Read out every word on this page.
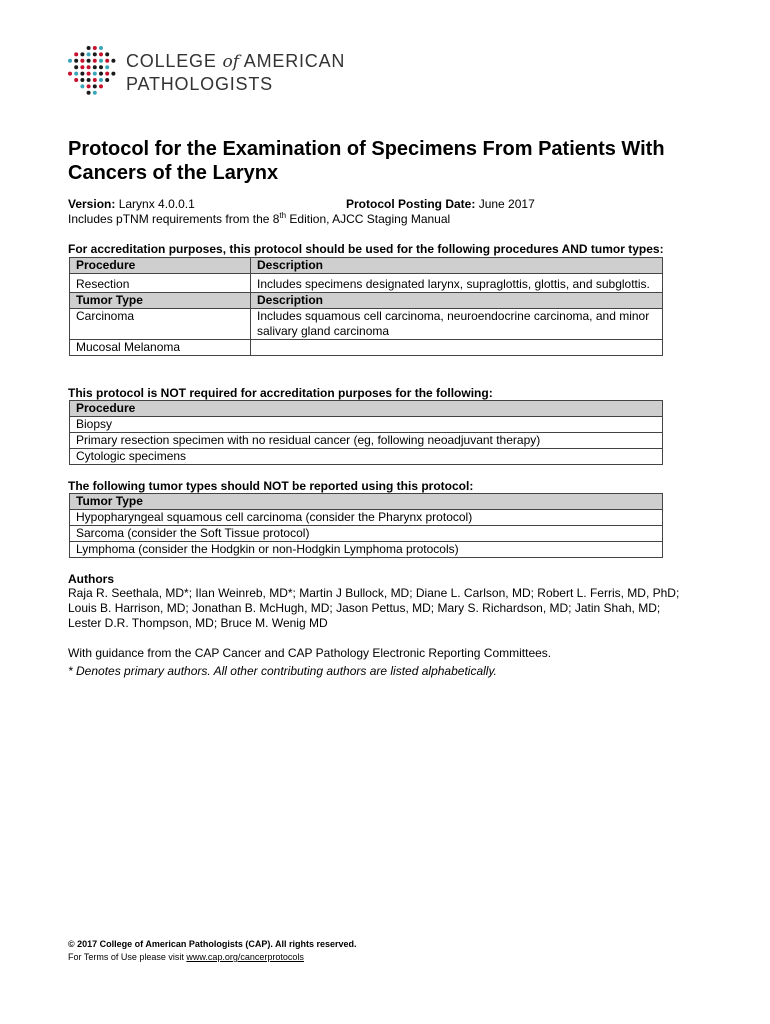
COLLEGE of AMERICAN
PATHOLOGISTS
Protocol for the Examination of Specimens From Patients With Cancers of the Larynx
Version: Larynx 4.0.0.1	Protocol Posting Date: June 2017
Includes pTNM requirements from the 8th Edition, AJCC Staging Manual
For accreditation purposes, this protocol should be used for the following procedures AND tumor types:
Procedure	Description
Resection	Includes specimens designated larynx, supraglottis, glottis, and subglottis.
Tumor Type	Description
Carcinoma	Includes squamous cell carcinoma, neuroendocrine carcinoma, and minor salivary gland carcinoma
Mucosal Melanoma	
This protocol is NOT required for accreditation purposes for the following:
Procedure
Biopsy
Primary resection specimen with no residual cancer (eg, following neoadjuvant therapy)
Cytologic specimens
The following tumor types should NOT be reported using this protocol:
Tumor Type
Hypopharyngeal squamous cell carcinoma (consider the Pharynx protocol)
Sarcoma (consider the Soft Tissue protocol)
Lymphoma (consider the Hodgkin or non-Hodgkin Lymphoma protocols)
Authors

Raja R. Seethala, MD*; Ilan Weinreb, MD*; Martin J Bullock, MD; Diane L. Carlson, MD; Robert L. Ferris, MD, PhD; Louis B. Harrison, MD; Jonathan B. McHugh, MD; Jason Pettus, MD; Mary S. Richardson, MD; Jatin Shah, MD; Lester D.R. Thompson, MD; Bruce M. Wenig MD

With guidance from the CAP Cancer and CAP Pathology Electronic Reporting Committees.

* Denotes primary authors. All other contributing authors are listed alphabetically.

© 2017 College of American Pathologists (CAP). All rights reserved.
For Terms of Use please visit www.cap.org/cancerprotocols
